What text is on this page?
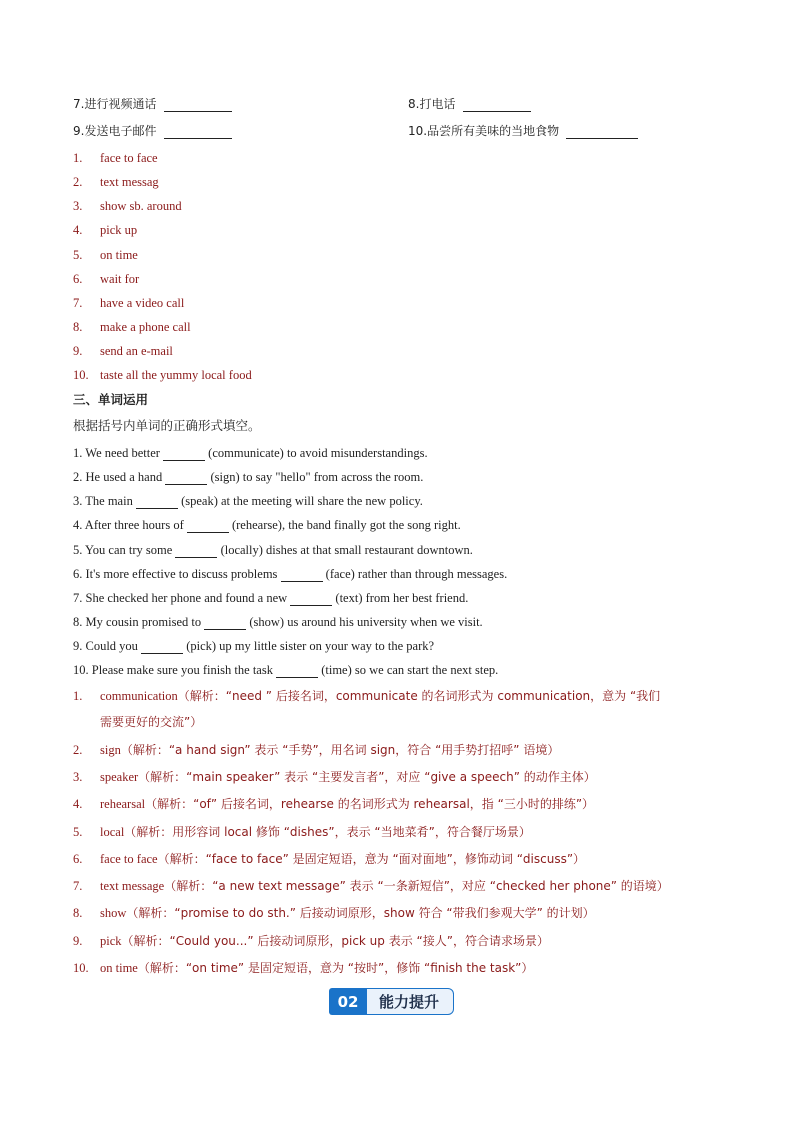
7.进行视频通话	8.打电话
9.发送电子邮件	10.品尝所有美味的当地食物
1. face to face
2. text messag
3. show sb. around
4. pick up
5. on time
6. wait for
7. have a video call
8. make a phone call
9. send an e-mail
10. taste all the yummy local food
三、单词运用
根据括号内单词的正确形式填空。
1. We need better	(communicate) to avoid misunderstandings.
2. He used a hand	(sign) to say "hello" from across the room.
3. The main	(speak) at the meeting will share the new policy.
4. After three hours of	(rehearse), the band finally got the song right.
5. You can try some	(locally) dishes at that small restaurant downtown.
6. It's more effective to discuss problems	(face) rather than through messages.
7. She checked her phone and found a new	(text) from her best friend.
8. My cousin promised to	(show) us around his university when we visit.
9. Could you	(pick) up my little sister on your way to the park?
10. Please make sure you finish the task	(time) so we can start the next step.
1.	communication（解析：“need ” 后接名词，communicate 的名词形式为 communication，意为 “我们
需要更好的交流”）
2.	sign（解析：“a hand sign” 表示 “手势”，用名词 sign，符合 “用手势打招呼” 语境）
3.	speaker（解析：“main speaker” 表示 “主要发言者”，对应 “give a speech” 的动作主体）
4.	rehearsal（解析：“of” 后接名词，rehearse 的名词形式为 rehearsal，指 “三小时的排练”）
5.	local（解析：用形容词 local 修饰 “dishes”，表示 “当地菜肴”，符合餐厅场景）
6.	face to face（解析：“face to face” 是固定短语，意为 “面对面地”，修饰动词 “discuss”）
7.	text message（解析：“a new text message” 表示 “一条新短信”，对应 “checked her phone” 的语境）
8.	show（解析：“promise to do sth.” 后接动词原形，show 符合 “带我们参观大学” 的计划）
9.	pick（解析：“Could you...” 后接动词原形，pick up 表示 “接人”，符合请求场景）
10. on time（解析：“on time” 是固定短语，意为 “按时”，修饰 “finish the task”）
02	能力提升
